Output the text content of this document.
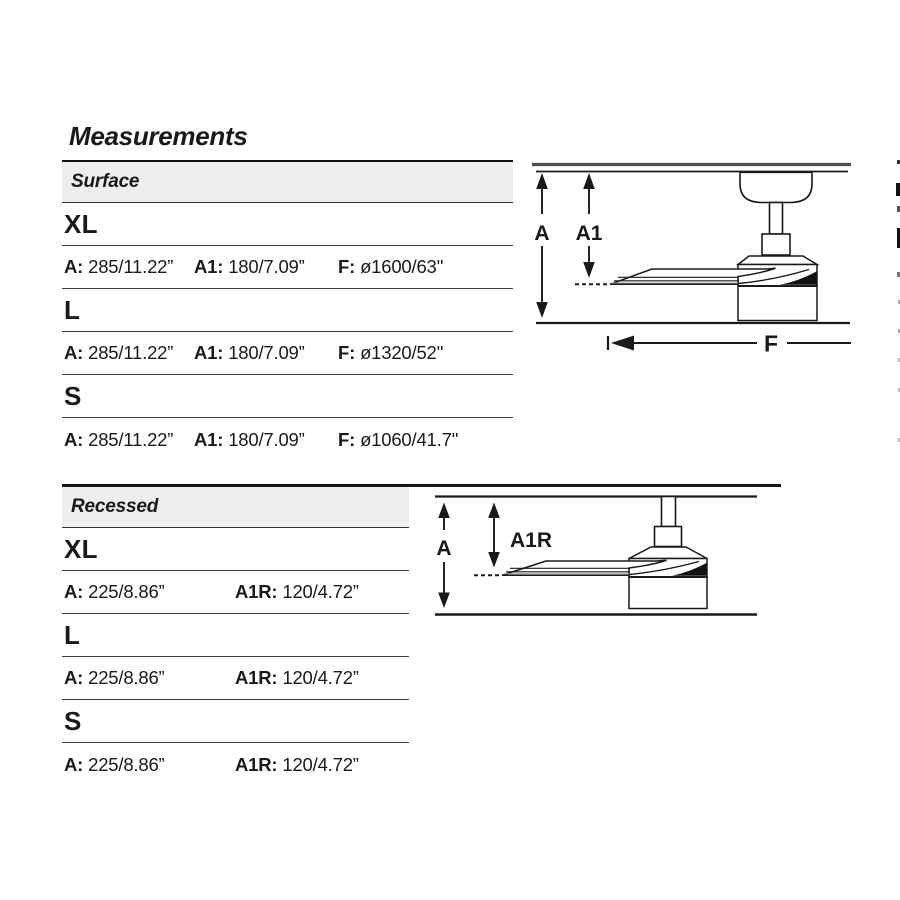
Measurements
Surface
XL
A: 285/11.22”	A1: 180/7.09”	F: ø1600/63''
L
A: 285/11.22”	A1: 180/7.09”	F: ø1320/52''
S
A: 285/11.22”	A1: 180/7.09”	F: ø1060/41.7''
Recessed
XL
A: 225/8.86”	A1R: 120/4.72”
L
A: 225/8.86”	A1R: 120/4.72”
S
A: 225/8.86”	A1R: 120/4.72”
A A1
F
A	A1R
